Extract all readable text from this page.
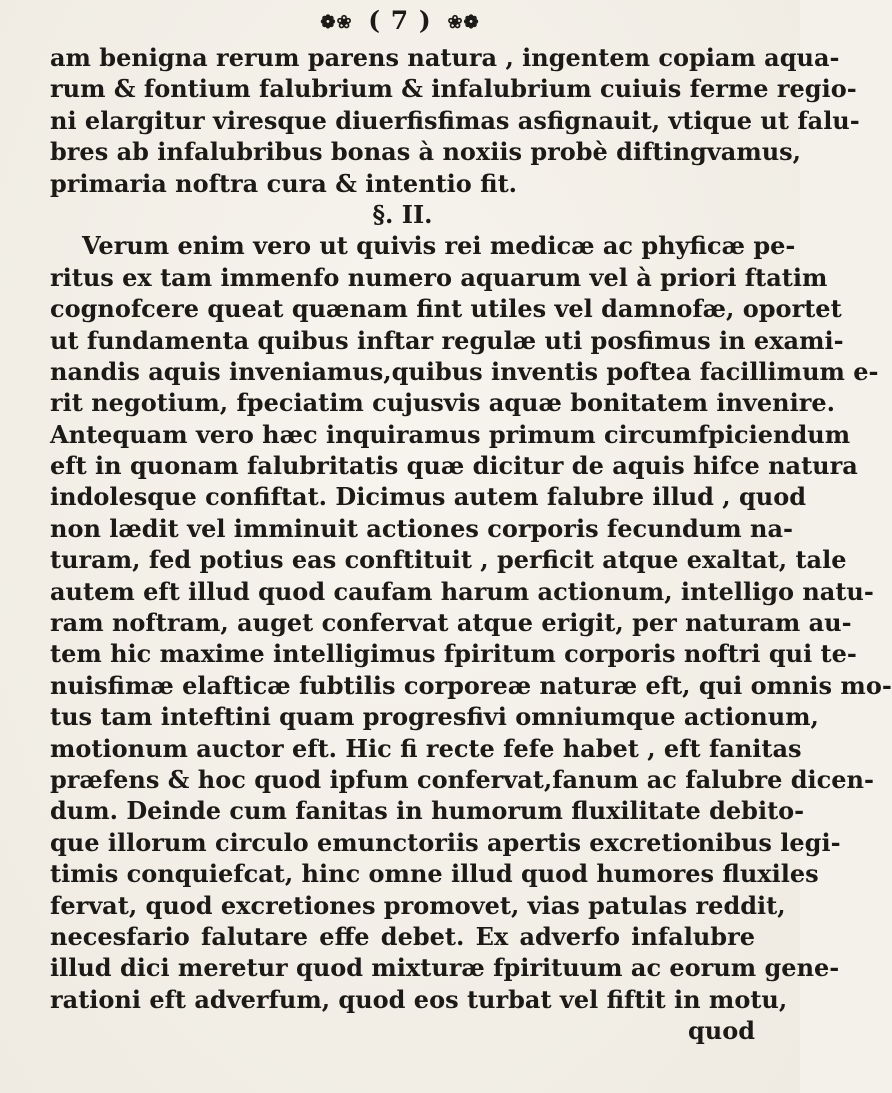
❁❀ ( 7 ) ❀❁
am benigna rerum parens natura , ingentem copiam aqua-
rum & fontium falubrium & infalubrium cuiuis ferme regio-
ni elargitur viresque diuerfisfimas asfignauit, vtique ut falu-
bres ab infalubribus bonas à noxiis probè diftingvamus,
primaria noftra cura & intentio fit.
§. II.
Verum enim vero ut quivis rei medicæ ac phyficæ pe-
ritus ex tam immenfo numero aquarum vel à priori ftatim
cognofcere queat quænam fint utiles vel damnofæ, oportet
ut fundamenta quibus inftar regulæ uti posfimus in exami-
nandis aquis inveniamus,quibus inventis poftea facillimum e-
rit negotium, fpeciatim cujusvis aquæ bonitatem invenire.
Antequam vero hæc inquiramus primum circumfpiciendum
eft in quonam falubritatis quæ dicitur de aquis hifce natura
indolesque confiftat. Dicimus autem falubre illud , quod
non lædit vel imminuit actiones corporis fecundum na-
turam, fed potius eas conftituit , perficit atque exaltat, tale
autem eft illud quod caufam harum actionum, intelligo natu-
ram noftram, auget confervat atque erigit, per naturam au-
tem hic maxime intelligimus fpiritum corporis noftri qui te-
nuisfimæ elafticæ fubtilis corporeæ naturæ eft, qui omnis mo-
tus tam inteftini quam progresfivi omniumque actionum,
motionum auctor eft. Hic fi recte fefe habet , eft fanitas
præfens & hoc quod ipfum confervat,fanum ac falubre dicen-
dum. Deinde cum fanitas in humorum fluxilitate debito-
que illorum circulo emunctoriis apertis excretionibus legi-
timis conquiefcat, hinc omne illud quod humores fluxiles
fervat, quod excretiones promovet, vias patulas reddit,
necesfario falutare effe debet. Ex adverfo infalubre
illud dici meretur quod mixturæ fpirituum ac eorum gene-
rationi eft adverfum, quod eos turbat vel fiftit in motu,
quod
